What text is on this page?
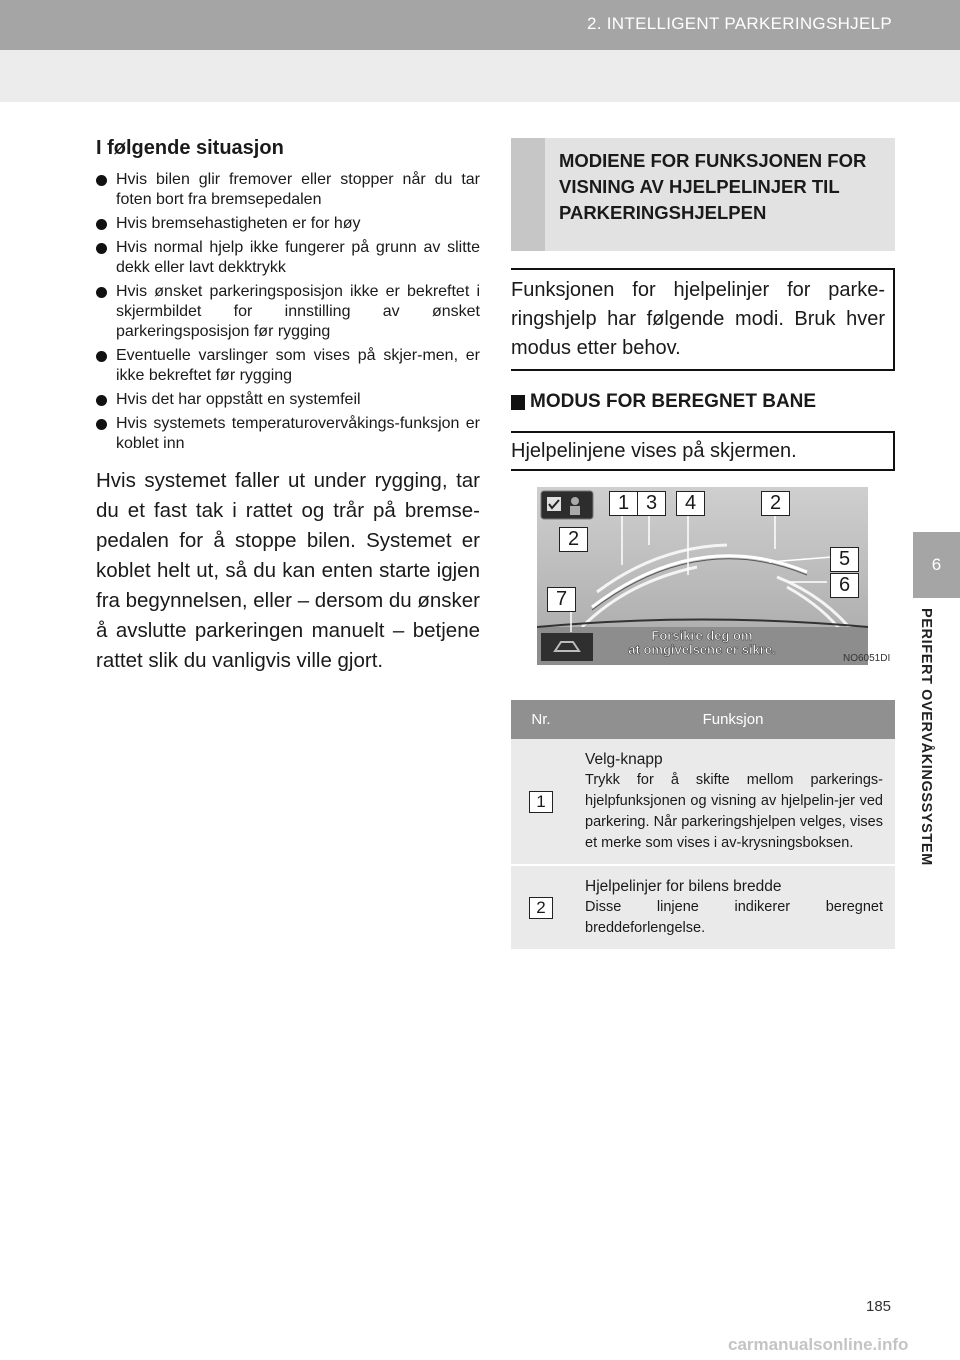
2. INTELLIGENT PARKERINGSHJELP
6
PERIFERT OVERVÅKINGSSYSTEM
I følgende situasjon
Hvis bilen glir fremover eller stopper når du tar foten bort fra bremsepedalen
Hvis bremsehastigheten er for høy
Hvis normal hjelp ikke fungerer på grunn av slitte dekk eller lavt dekktrykk
Hvis ønsket parkeringsposisjon ikke er bekreftet i skjermbildet for innstilling av ønsket parkeringsposisjon før rygging
Eventuelle varslinger som vises på skjer-men, er ikke bekreftet før rygging
Hvis det har oppstått en systemfeil
Hvis systemets temperaturovervåkings-funksjon er koblet inn
Hvis systemet faller ut under rygging, tar du et fast tak i rattet og trår på bremse-pedalen for å stoppe bilen. Systemet er koblet helt ut, så du kan enten starte igjen fra begynnelsen, eller – dersom du ønsker å avslutte parkeringen manuelt – betjene rattet slik du vanligvis ville gjort.
MODIENE FOR FUNKSJONEN FOR VISNING AV HJELPELINJER TIL PARKERINGSHJELPEN
Funksjonen for hjelpelinjer for parke-ringshjelp har følgende modi. Bruk hver modus etter behov.
MODUS FOR BEREGNET BANE
Hjelpelinjene vises på skjermen.
Forsikre deg om
at omgivelsene er sikre.
1 3	4	2
2
5
6
7
NO6051DI
Nr.	Funksjon
1	Velg-knapp
Trykk for å skifte mellom parkerings-hjelpfunksjonen og visning av hjelpelin-jer ved parkering. Når parkeringshjelpen velges, vises et merke som vises i av-krysningsboksen.

2	Hjelpelinjer for bilens bredde
Disse linjene indikerer beregnet breddeforlengelse.
185
carmanualsonline.info
